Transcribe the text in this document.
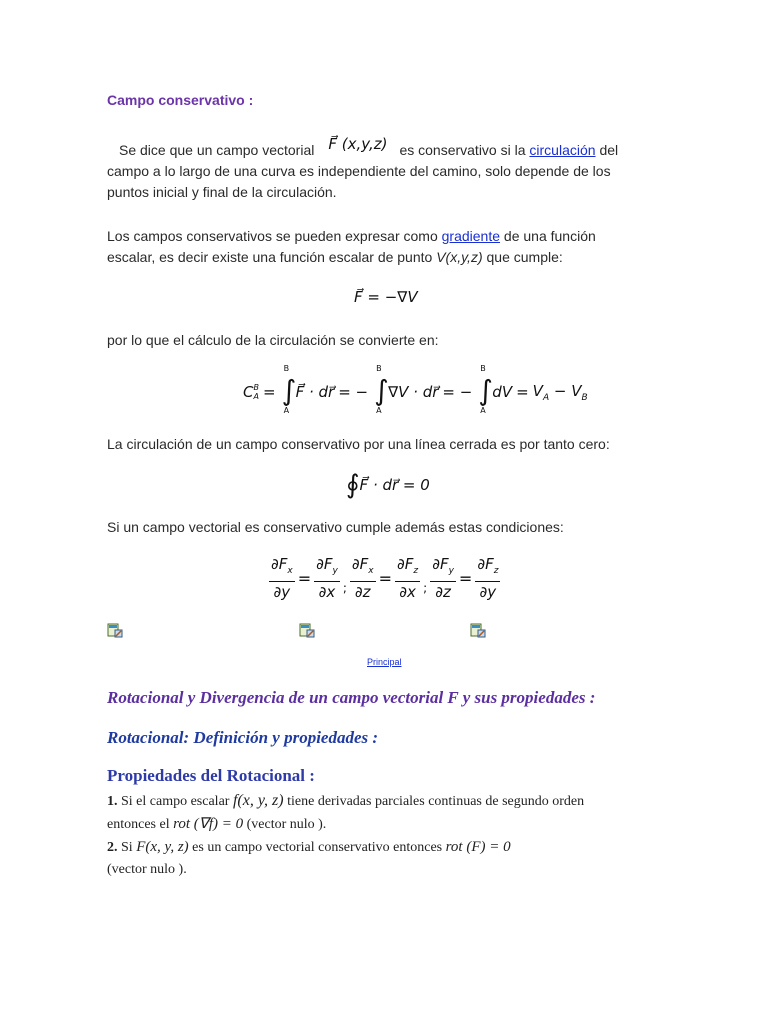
Campo conservativo :
Se dice que un campo vectorial F⃗ (x,y,z) es conservativo si la
circulación
del
campo a lo largo de una curva es independiente del camino, solo depende de los
puntos inicial y final de la circulación.
Los campos conservativos se pueden expresar como gradiente de una función
escalar, es decir existe una función escalar de punto V(x,y,z) que cumple:
F⃗ = −∇V
por lo que el cálculo de la circulación se convierte en:
C B
A =
B
∫
A
F⃗ · dr⃗ = −
B
∫
A
∇V · dr⃗ = −
B
∫
A
dV = $V_A - V_B$
La circulación de un campo conservativo por una línea cerrada es por tanto cero:
∮ F⃗ · dr⃗ = 0
Si un campo vectorial es conservativo cumple además estas condiciones:
$\frac{\partial F_x}{\partial y} = \frac{\partial F_y}{\partial x}$ ; $\frac{\partial F_x}{\partial z} = \frac{\partial F_z}{\partial x}$ ; $\frac{\partial F_y}{\partial z} = \frac{\partial F_z}{\partial y}$
Principal
Rotacional y Divergencia de un campo vectorial F y sus propiedades :
Rotacional: Definición y propiedades :
Propiedades del Rotacional :
1. Si el campo escalar f(x, y, z) tiene derivadas parciales continuas de segundo orden
entonces el rot (∇f) = 0 (vector nulo ).
2. Si F(x, y, z) es un campo vectorial conservativo entonces rot (F) = 0
(vector nulo ).
